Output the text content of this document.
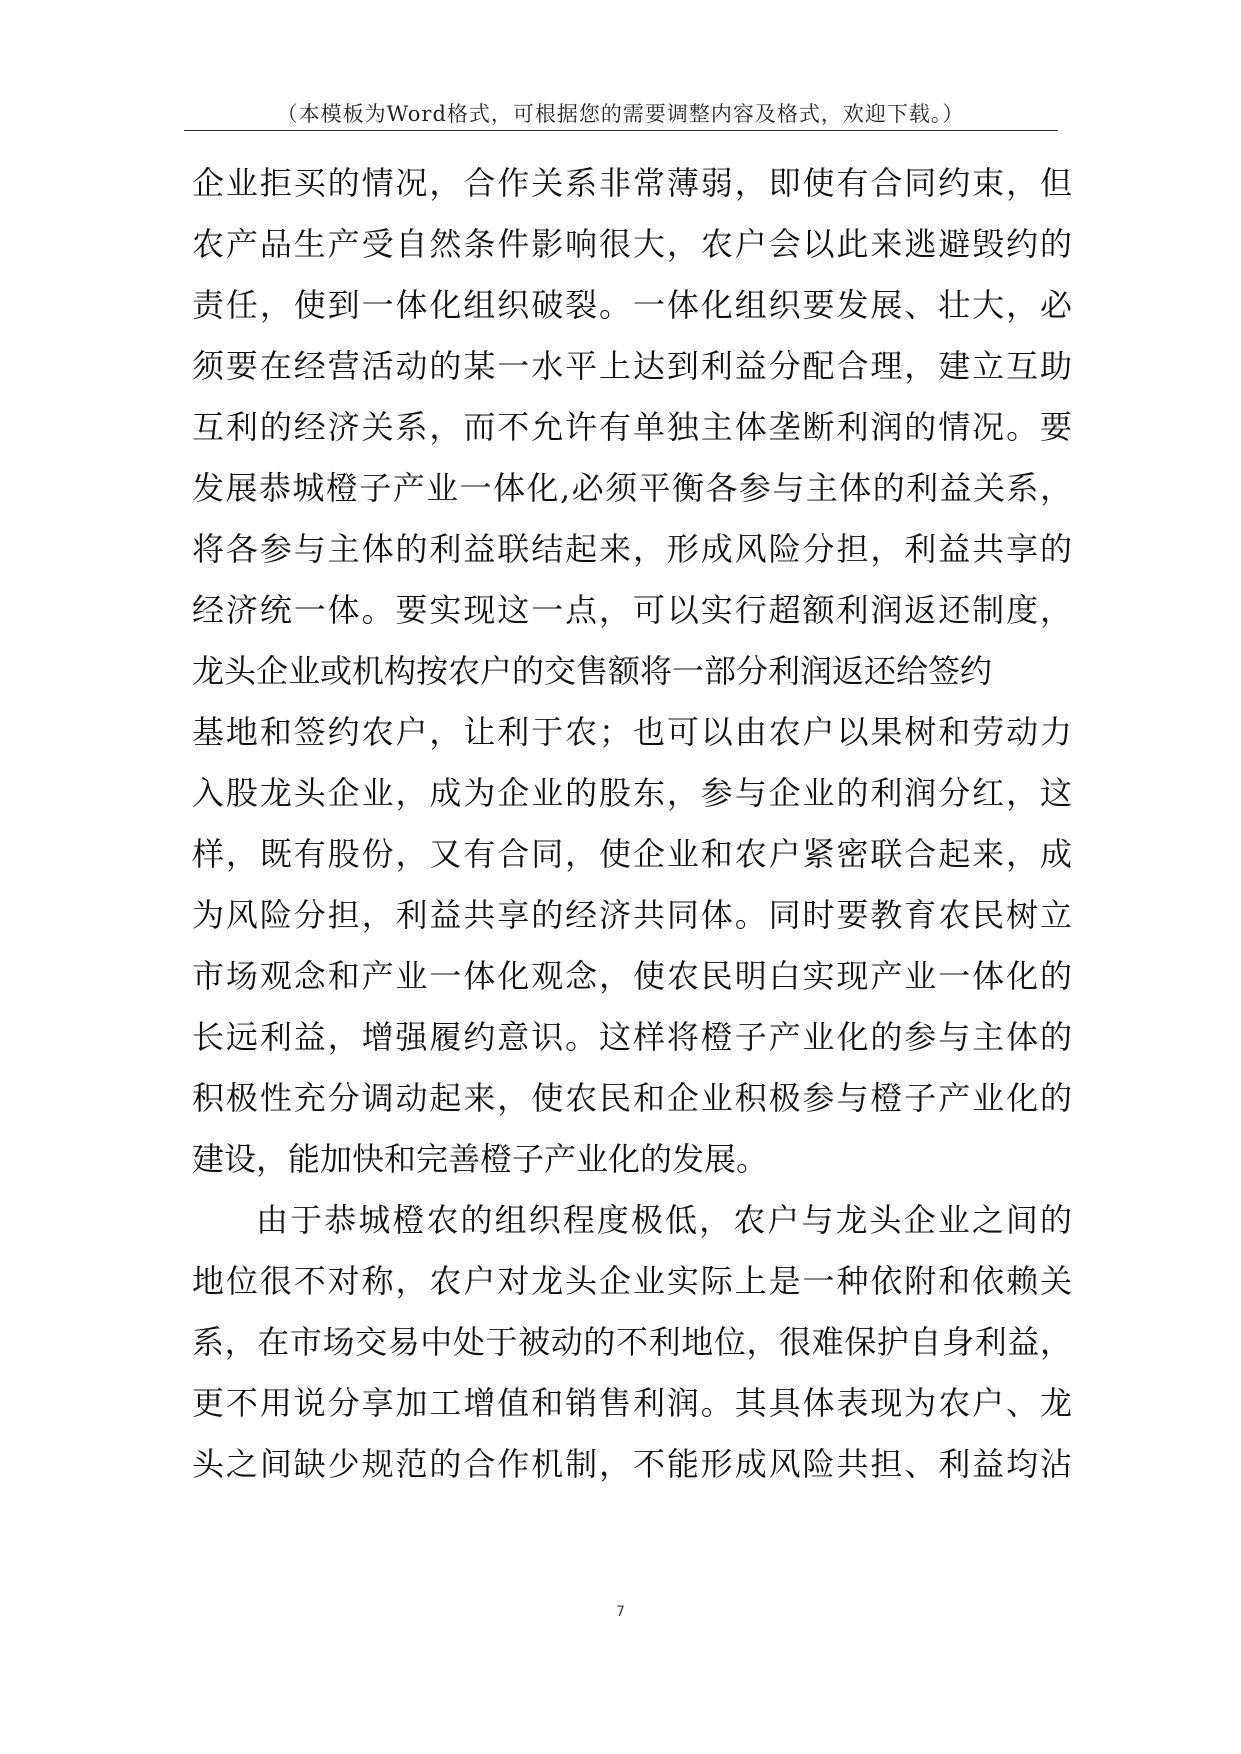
（本模板为Word格式，可根据您的需要调整内容及格式，欢迎下载。）
企业拒买的情况，合作关系非常薄弱，即使有合同约束，但
农产品生产受自然条件影响很大，农户会以此来逃避毁约的
责任，使到一体化组织破裂。一体化组织要发展、壮大，必
须要在经营活动的某一水平上达到利益分配合理，建立互助
互利的经济关系，而不允许有单独主体垄断利润的情况。要
发展恭城橙子产业一体化,必须平衡各参与主体的利益关系，
将各参与主体的利益联结起来，形成风险分担，利益共享的
经济统一体。要实现这一点，可以实行超额利润返还制度，
龙头企业或机构按农户的交售额将一部分利润返还给签约
基地和签约农户，让利于农；也可以由农户以果树和劳动力
入股龙头企业，成为企业的股东，参与企业的利润分红，这
样，既有股份，又有合同，使企业和农户紧密联合起来，成
为风险分担，利益共享的经济共同体。同时要教育农民树立
市场观念和产业一体化观念，使农民明白实现产业一体化的
长远利益，增强履约意识。这样将橙子产业化的参与主体的
积极性充分调动起来，使农民和企业积极参与橙子产业化的
建设，能加快和完善橙子产业化的发展。
由于恭城橙农的组织程度极低，农户与龙头企业之间的
地位很不对称，农户对龙头企业实际上是一种依附和依赖关
系，在市场交易中处于被动的不利地位，很难保护自身利益，
更不用说分享加工增值和销售利润。其具体表现为农户、龙
头之间缺少规范的合作机制，不能形成风险共担、利益均沾
7
